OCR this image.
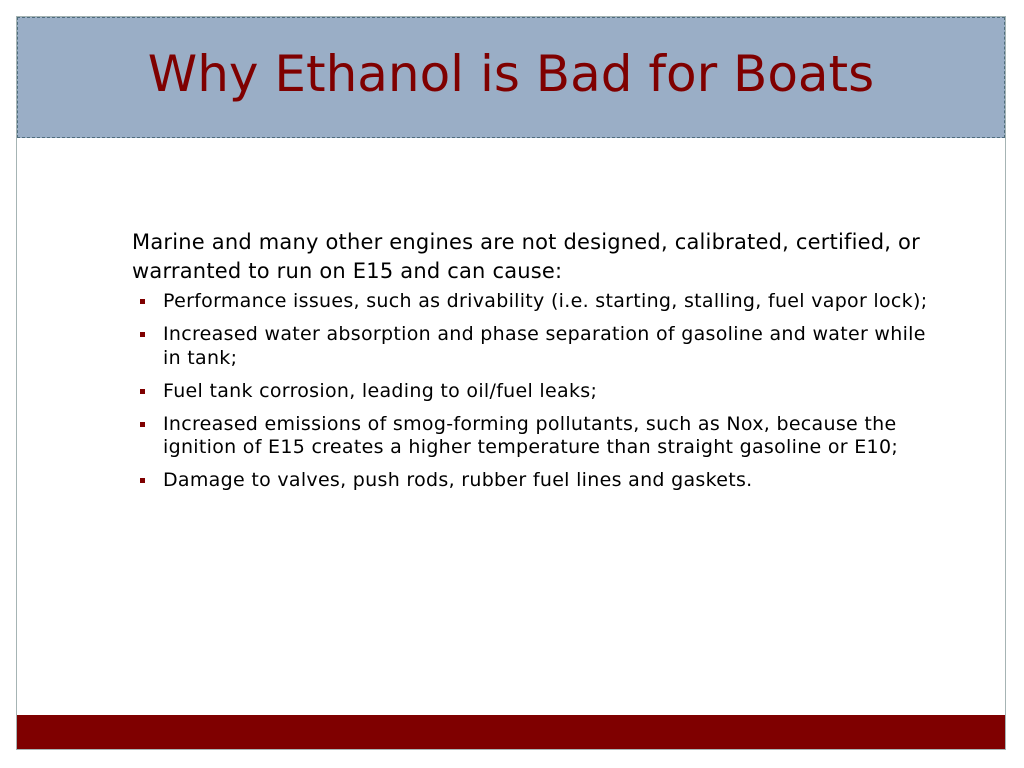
Why Ethanol is Bad for Boats

Marine and many other engines are not designed, calibrated, certified, or warranted to run on E15 and can cause:

Performance issues, such as drivability (i.e. starting, stalling, fuel vapor lock);
Increased water absorption and phase separation of gasoline and water while in tank;
Fuel tank corrosion, leading to oil/fuel leaks;
Increased emissions of smog-forming pollutants, such as Nox, because the ignition of E15 creates a higher temperature than straight gasoline or E10;
Damage to valves, push rods, rubber fuel lines and gaskets.
